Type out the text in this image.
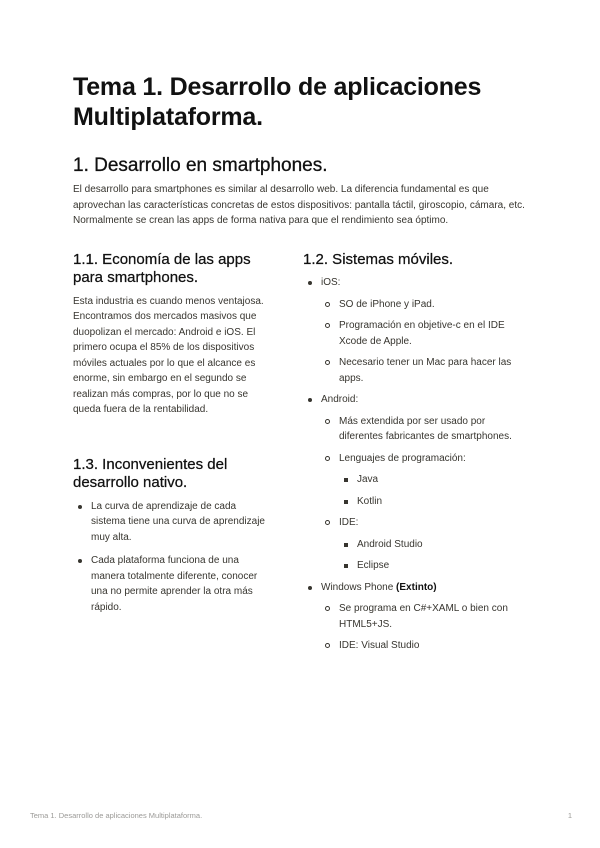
Tema 1. Desarrollo de aplicaciones
Multiplataforma.
1. Desarrollo en smartphones.

El desarrollo para smartphones es similar al desarrollo web. La diferencia fundamental es que aprovechan las características concretas de estos dispositivos: pantalla táctil, giroscopio, cámara, etc. Normalmente se crean las apps de forma nativa para que el rendimiento sea óptimo.

1.1. Economía de las apps para smartphones.

Esta industria es cuando menos ventajosa. Encontramos dos mercados masivos que duopolizan el mercado: Android e iOS. El primero ocupa el 85% de los dispositivos móviles actuales por lo que el alcance es enorme, sin embargo en el segundo se realizan más compras, por lo que no se queda fuera de la rentabilidad.

1.3. Inconvenientes del desarrollo nativo.
La curva de aprendizaje de cada sistema tiene una curva de aprendizaje muy alta.
Cada plataforma funciona de una manera totalmente diferente, conocer una no permite aprender la otra más rápido.
1.2. Sistemas móviles.
iOS:
SO de iPhone y iPad.
Programación en objetive-c en el IDE Xcode de Apple.
Necesario tener un Mac para hacer las apps.
Android:
Más extendida por ser usado por diferentes fabricantes de smartphones.
Lenguajes de programación:
Java
Kotlin
IDE:
Android Studio
Eclipse
Windows Phone (Extinto)
Se programa en C#+XAML o bien con HTML5+JS.
IDE: Visual Studio
Tema 1. Desarrollo de aplicaciones Multiplataforma.	1
